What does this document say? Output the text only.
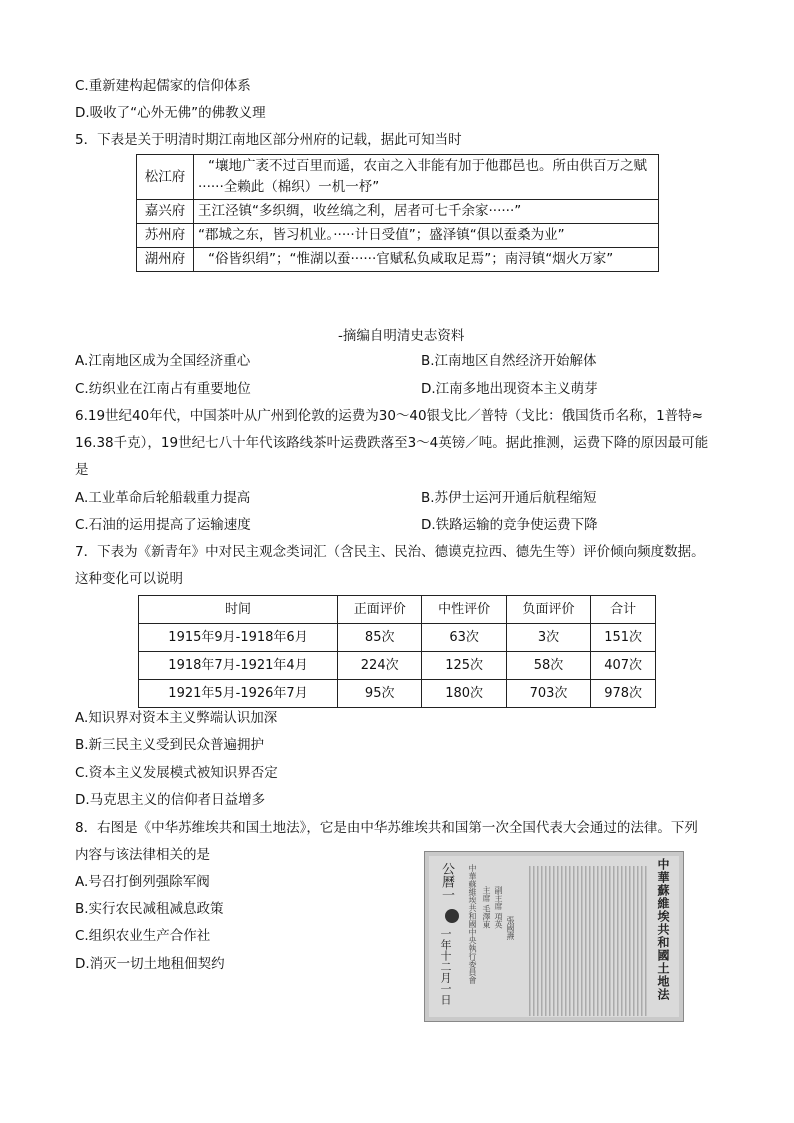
C.重新建构起儒家的信仰体系
D.吸收了“心外无佛”的佛教义理
5．下表是关于明清时期江南地区部分州府的记载，据此可知当时
松江府	“壤地广袤不过百里而遥，农亩之入非能有加于他郡邑也。所由供百万之赋······全赖此（棉织）一机一杼”
嘉兴府	王江泾镇“多织绸，收丝缟之利，居者可七千余家······”
苏州府	“郡城之东，皆习机业。·····计日受值”；盛泽镇“俱以蚕桑为业”
湖州府	“俗皆织绢”；“惟湖以蚕······官赋私负咸取足焉”；南浔镇“烟火万家”
-摘编自明清史志资料
A.江南地区成为全国经济重心	B.江南地区自然经济开始解体
C.纺织业在江南占有重要地位	D.江南多地出现资本主义萌芽
6.19世纪40年代，中国茶叶从广州到伦敦的运费为30～40银戈比／普特（戈比：俄国货币名称，1普特≈
16.38千克），19世纪七八十年代该路线茶叶运费跌落至3～4英镑／吨。据此推测，运费下降的原因最可能
是
A.工业革命后轮船载重力提高	B.苏伊士运河开通后航程缩短
C.石油的运用提高了运输速度	D.铁路运输的竞争使运费下降
7．下表为《新青年》中对民主观念类词汇（含民主、民治、德谟克拉西、德先生等）评价倾向频度数据。
这种变化可以说明
时间	正面评价	中性评价	负面评价	合计
1915年9月-1918年6月	85次	63次	3次	151次
1918年7月-1921年4月	224次	125次	58次	407次
1921年5月-1926年7月	95次	180次	703次	978次
A.知识界对资本主义弊端认识加深
B.新三民主义受到民众普遍拥护
C.资本主义发展模式被知识界否定
D.马克思主义的信仰者日益增多
8．右图是《中华苏维埃共和国土地法》，它是由中华苏维埃共和国第一次全国代表大会通过的法律。下列
内容与该法律相关的是
A.号召打倒列强除军阀
B.实行农民减租减息政策
C.组织农业生产合作社
D.消灭一切土地租佃契约
公曆一
一年十二月一日 中華蘇維埃共和國中央執行委員會 主席 毛澤東 副主席 項英 張國燾	中華蘇維埃共和國土地法
